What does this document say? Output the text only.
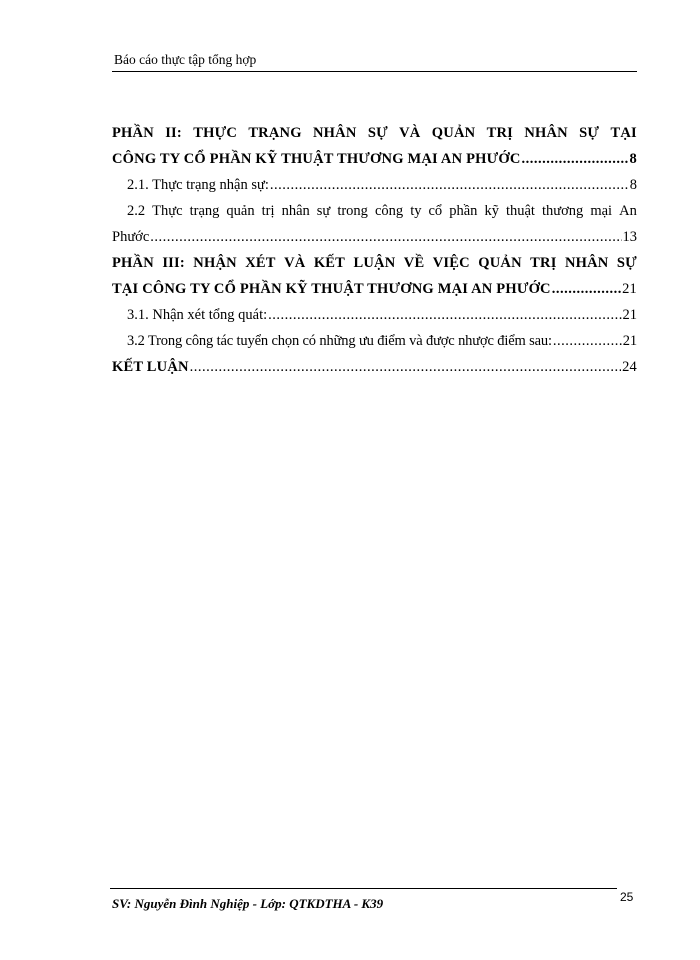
Báo cáo thực tập tổng hợp
PHẦN II: THỰC TRẠNG NHÂN SỰ VÀ QUẢN TRỊ NHÂN SỰ TẠI
CÔNG TY CỔ PHẦN KỸ THUẬT THƯƠNG MẠI AN PHƯỚC .....	8
2.1. Thực trạng nhận sự: .....	8
2.2 Thực trạng quản trị nhân sự trong công ty cổ phần kỹ thuật thương mại An
Phước .....	13
PHẦN III: NHẬN XÉT VÀ KẾT LUẬN VỀ VIỆC QUẢN TRỊ NHÂN SỰ
TẠI CÔNG TY CỔ PHẦN KỸ THUẬT THƯƠNG MẠI AN PHƯỚC .....	21
3.1. Nhận xét tổng quát: .....	21
3.2 Trong công tác tuyển chọn có những ưu điểm và được nhược điểm sau: .....	21
KẾT LUẬN .....	24
SV: Nguyễn Đình Nghiệp - Lớp: QTKDTHA - K39	25
